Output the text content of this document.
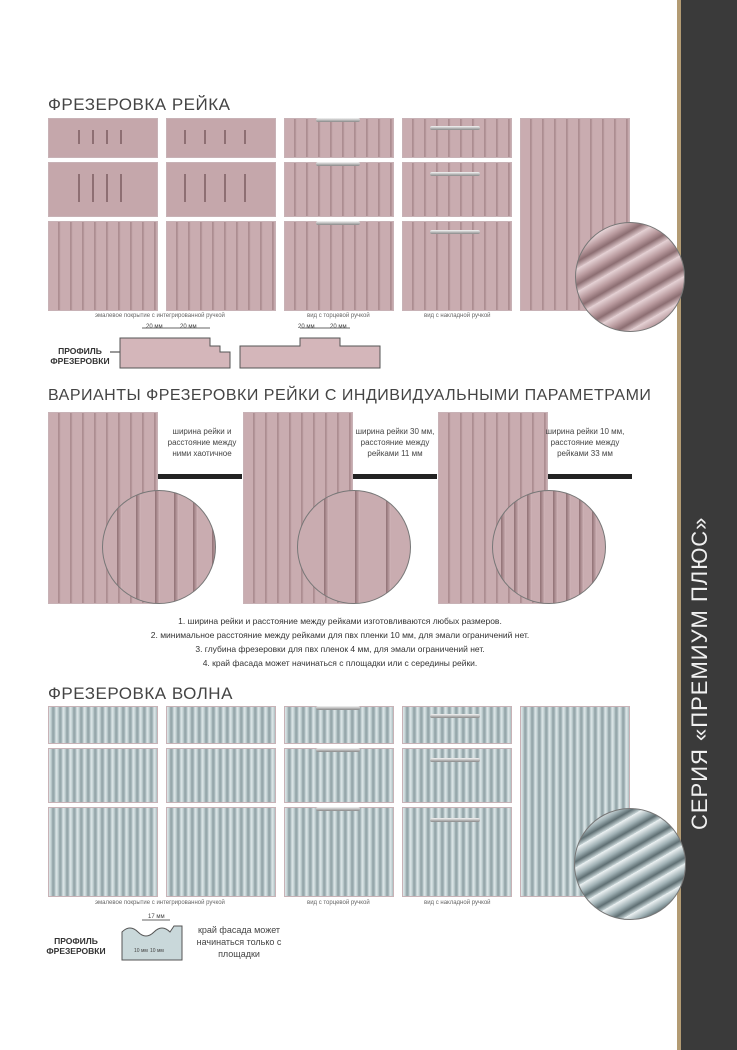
СЕРИЯ «ПРЕМИУМ ПЛЮС»
ФРЕЗЕРОВКА РЕЙКА
эмалевое покрытие с интегрированной ручкой	вид с торцевой ручкой	вид с накладной ручкой
ПРОФИЛЬ ФРЕЗЕРОВКИ
20 мм	20 мм	20 мм	20 мм
ВАРИАНТЫ ФРЕЗЕРОВКИ РЕЙКИ С ИНДИВИДУАЛЬНЫМИ ПАРАМЕТРАМИ
ширина рейки и расстояние между ними хаотичное
ширина рейки 30 мм, расстояние между рейками 11 мм
ширина рейки 10 мм, расстояние между рейками 33 мм
1. ширина рейки и расстояние между рейками изготовливаются любых размеров.
2. минимальное расстояние между рейками для пвх пленки 10 мм, для эмали ограничений нет.
3. глубина фрезеровки для пвх пленок 4 мм, для эмали ограничений нет.
4. край фасада может начинаться с площадки или с середины рейки.
ФРЕЗЕРОВКА ВОЛНА
эмалевое покрытие с интегрированной ручкой	вид с торцевой ручкой	вид с накладной ручкой
ПРОФИЛЬ ФРЕЗЕРОВКИ
17 мм
10 мм 10 мм
край фасада может начинаться только с площадки
